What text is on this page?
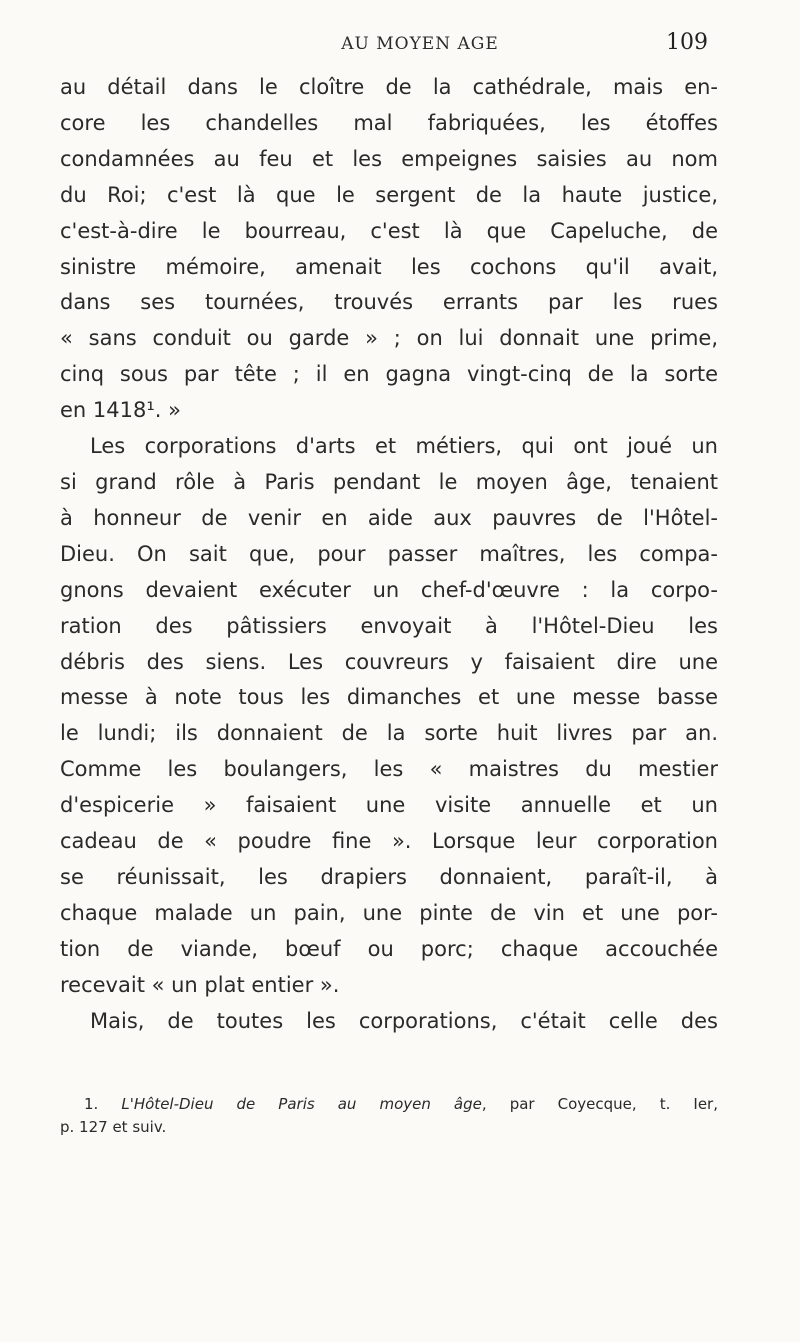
AU MOYEN AGE	109
au détail dans le cloître de la cathédrale, mais en-
core les chandelles mal fabriquées, les étoffes
condamnées au feu et les empeignes saisies au nom
du Roi; c'est là que le sergent de la haute justice,
c'est-à-dire le bourreau, c'est là que Capeluche, de
sinistre mémoire, amenait les cochons qu'il avait,
dans ses tournées, trouvés errants par les rues
« sans conduit ou garde » ; on lui donnait une prime,
cinq sous par tête ; il en gagna vingt-cinq de la sorte
en 1418¹. »
Les corporations d'arts et métiers, qui ont joué un
si grand rôle à Paris pendant le moyen âge, tenaient
à honneur de venir en aide aux pauvres de l'Hôtel-
Dieu. On sait que, pour passer maîtres, les compa-
gnons devaient exécuter un chef-d'œuvre : la corpo-
ration des pâtissiers envoyait à l'Hôtel-Dieu les
débris des siens. Les couvreurs y faisaient dire une
messe à note tous les dimanches et une messe basse
le lundi; ils donnaient de la sorte huit livres par an.
Comme les boulangers, les « maistres du mestier
d'espicerie » faisaient une visite annuelle et un
cadeau de « poudre fine ». Lorsque leur corporation
se réunissait, les drapiers donnaient, paraît-il, à
chaque malade un pain, une pinte de vin et une por-
tion de viande, bœuf ou porc; chaque accouchée
recevait « un plat entier ».
Mais, de toutes les corporations, c'était celle des
1. L'Hôtel-Dieu de Paris au moyen âge, par Coyecque, t. Ier,
p. 127 et suiv.
